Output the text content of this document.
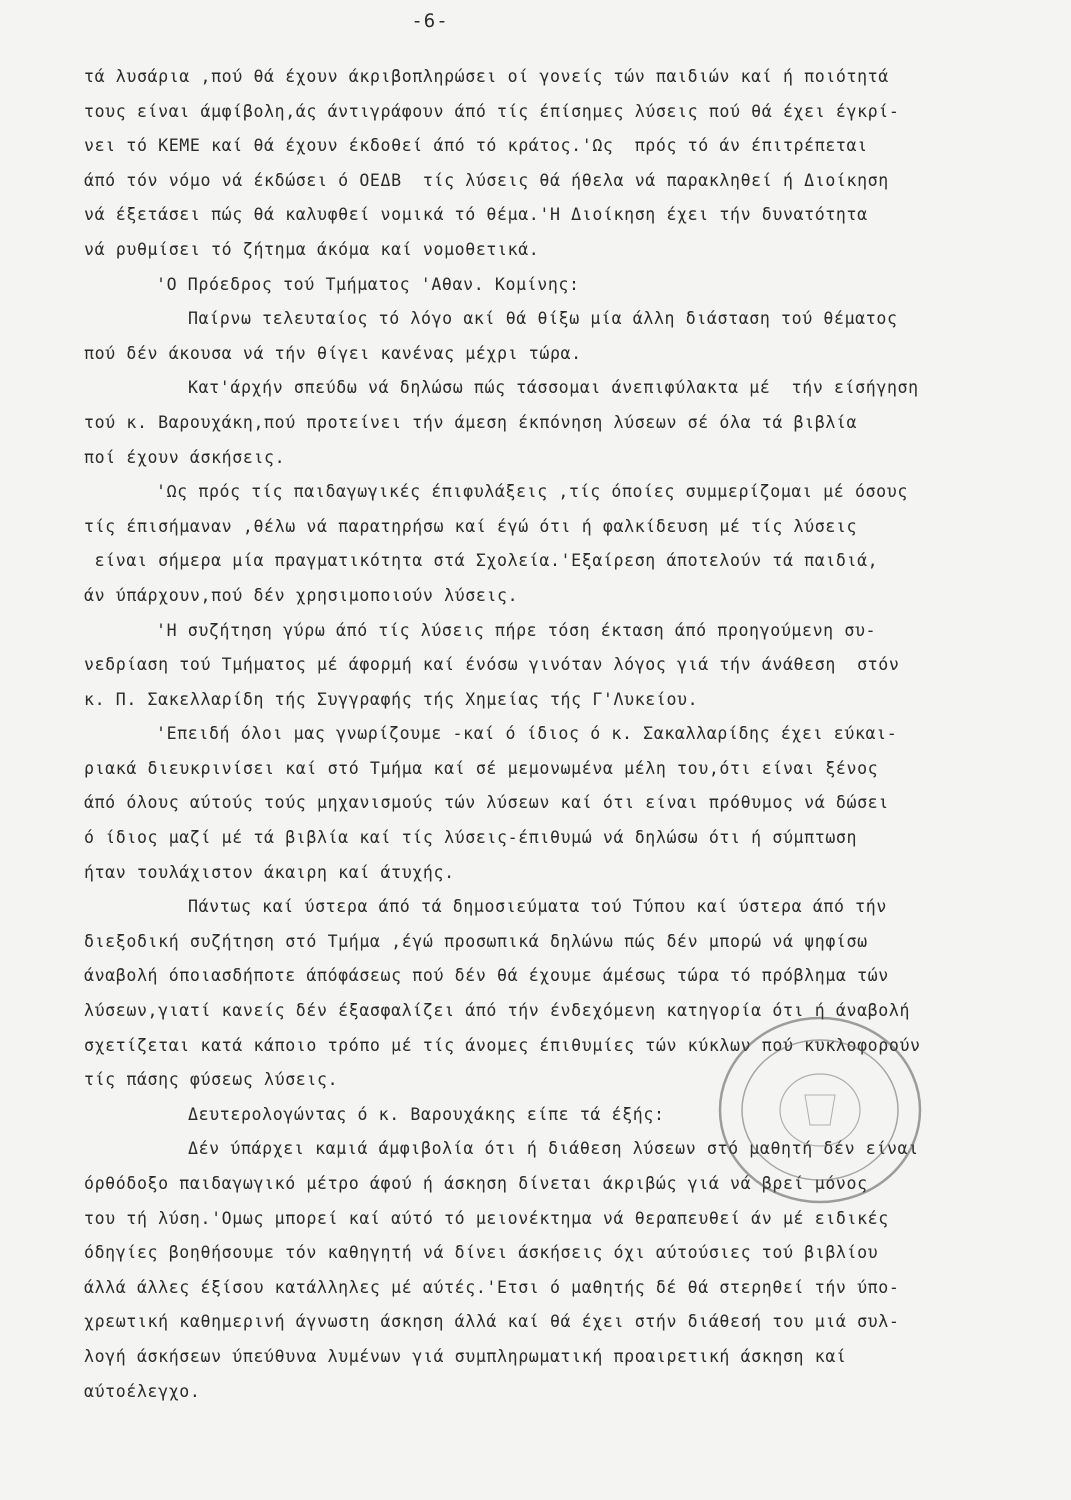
-6-
τά λυσάρια ,πού θά έχουν άκριβοπληρώσει οί γονείς τών παιδιών καί ή ποιότητά
τους είναι άμφίβολη,άς άντιγράφουν άπό τίς έπίσημες λύσεις πού θά έχει έγκρί-
νει τό ΚΕΜΕ καί θά έχουν έκδοθεί άπό τό κράτος.'Ως  πρός τό άν έπιτρέπεται
άπό τόν νόμο νά έκδώσει ό ΟΕΔΒ  τίς λύσεις θά ήθελα νά παρακληθεί ή Διοίκηση
νά έξετάσει πώς θά καλυφθεί νομικά τό θέμα.'Η Διοίκηση έχει τήν δυνατότητα
νά ρυθμίσει τό ζήτημα άκόμα καί νομοθετικά.
'Ο Πρόεδρος τού Τμήματος 'Αθαν. Κομίνης:
Παίρνω τελευταίος τό λόγο ακί θά θίξω μία άλλη διάσταση τού θέματος
πού δέν άκουσα νά τήν θίγει κανένας μέχρι τώρα.
Κατ'άρχήν σπεύδω νά δηλώσω πώς τάσσομαι άνεπιφύλακτα μέ  τήν είσήγηση
τού κ. Βαρουχάκη,πού προτείνει τήν άμεση έκπόνηση λύσεων σέ όλα τά βιβλία
ποί έχουν άσκήσεις.
'Ως πρός τίς παιδαγωγικές έπιφυλάξεις ,τίς όποίες συμμερίζομαι μέ όσους
τίς έπισήμαναν ,θέλω νά παρατηρήσω καί έγώ ότι ή φαλκίδευση μέ τίς λύσεις
είναι σήμερα μία πραγματικότητα στά Σχολεία.'Εξαίρεση άποτελούν τά παιδιά,
άν ύπάρχουν,πού δέν χρησιμοποιούν λύσεις.
'Η συζήτηση γύρω άπό τίς λύσεις πήρε τόση έκταση άπό προηγούμενη συ-
νεδρίαση τού Τμήματος μέ άφορμή καί ένόσω γινόταν λόγος γιά τήν άνάθεση  στόν
κ. Π. Σακελλαρίδη τής Συγγραφής τής Χημείας τής Γ'Λυκείου.
'Επειδή όλοι μας γνωρίζουμε -καί ό ίδιος ό κ. Σακαλλαρίδης έχει εύκαι-
ριακά διευκρινίσει καί στό Τμήμα καί σέ μεμονωμένα μέλη του,ότι είναι ξένος
άπό όλους αύτούς τούς μηχανισμούς τών λύσεων καί ότι είναι πρόθυμος νά δώσει
ό ίδιος μαζί μέ τά βιβλία καί τίς λύσεις-έπιθυμώ νά δηλώσω ότι ή σύμπτωση
ήταν τουλάχιστον άκαιρη καί άτυχής.
Πάντως καί ύστερα άπό τά δημοσιεύματα τού Τύπου καί ύστερα άπό τήν
διεξοδική συζήτηση στό Τμήμα ,έγώ προσωπικά δηλώνω πώς δέν μπορώ νά ψηφίσω
άναβολή όποιασδήποτε άπόφάσεως πού δέν θά έχουμε άμέσως τώρα τό πρόβλημα τών
λύσεων,γιατί κανείς δέν έξασφαλίζει άπό τήν ένδεχόμενη κατηγορία ότι ή άναβολή
σχετίζεται κατά κάποιο τρόπο μέ τίς άνομες έπιθυμίες τών κύκλων πού κυκλοφορούν
τίς πάσης φύσεως λύσεις.
Δευτερολογώντας ό κ. Βαρουχάκης είπε τά έξής:
Δέν ύπάρχει καμιά άμφιβολία ότι ή διάθεση λύσεων στό μαθητή δέν είναι
όρθόδοξο παιδαγωγικό μέτρο άφού ή άσκηση δίνεται άκριβώς γιά νά βρεί μόνος
του τή λύση.'Ομως μπορεί καί αύτό τό μειονέκτημα νά θεραπευθεί άν μέ ειδικές
όδηγίες βοηθήσουμε τόν καθηγητή νά δίνει άσκήσεις όχι αύτούσιες τού βιβλίου
άλλά άλλες έξίσου κατάλληλες μέ αύτές.'Ετσι ό μαθητής δέ θά στερηθεί τήν ύπο-
χρεωτική καθημερινή άγνωστη άσκηση άλλά καί θά έχει στήν διάθεσή του μιά συλ-
λογή άσκήσεων ύπεύθυνα λυμένων γιά συμπληρωματική προαιρετική άσκηση καί
αύτοέλεγχο.
